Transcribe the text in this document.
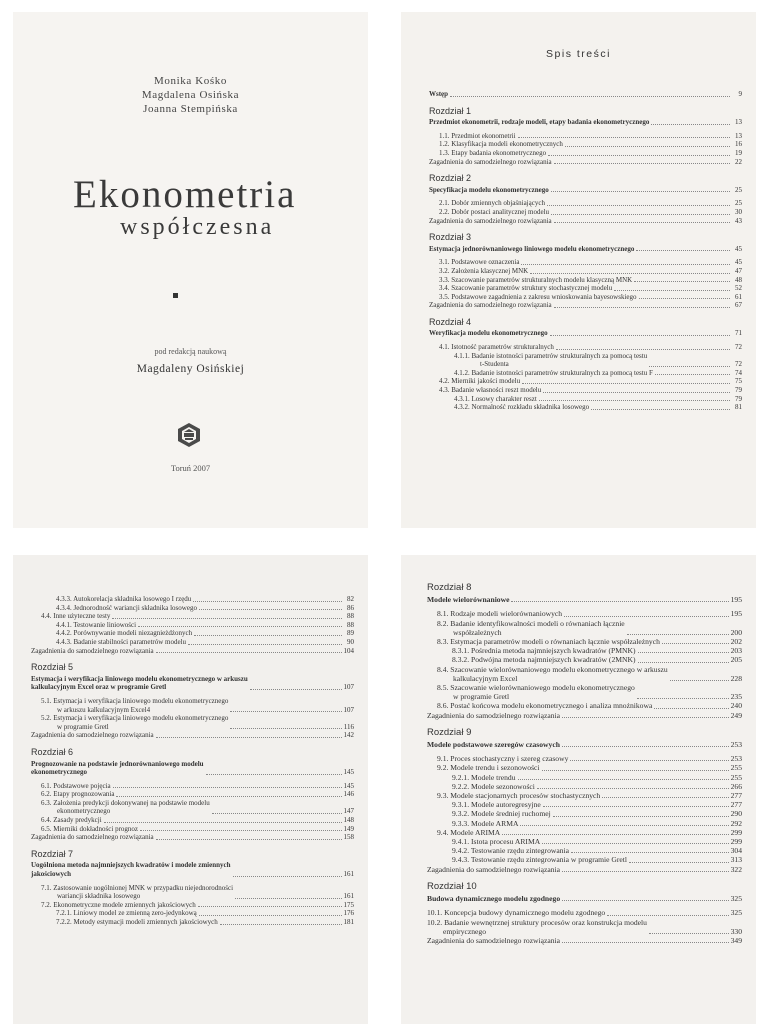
Monika Kośko
Magdalena Osińska
Joanna Stempińska
Ekonometria
współczesna
pod redakcją naukową
Magdaleny Osińskiej
Toruń 2007
Spis treści
Wstęp	9
Rozdział 1
Przedmiot ekonometrii, rodzaje modeli, etapy badania ekonometrycznego	13
1.1. Przedmiot ekonometrii	13
1.2. Klasyfikacja modeli ekonometrycznych	16
1.3. Etapy badania ekonometrycznego	19
Zagadnienia do samodzielnego rozwiązania	22
Rozdział 2
Specyfikacja modelu ekonometrycznego	25
2.1. Dobór zmiennych objaśniających	25
2.2. Dobór postaci analitycznej modelu	30
Zagadnienia do samodzielnego rozwiązania	43
Rozdział 3
Estymacja jednorównaniowego liniowego modelu ekonometrycznego	45
3.1. Podstawowe oznaczenia	45
3.2. Założenia klasycznej MNK	47
3.3. Szacowanie parametrów strukturalnych modelu klasyczną MNK	48
3.4. Szacowanie parametrów struktury stochastycznej modelu	52
3.5. Podstawowe zagadnienia z zakresu wnioskowania bayesowskiego	61
Zagadnienia do samodzielnego rozwiązania	67
Rozdział 4
Weryfikacja modelu ekonometrycznego	71
4.1. Istotność parametrów strukturalnych	72
4.1.1. Badanie istotności parametrów strukturalnych za pomocą testu
t-Studenta	72
4.1.2. Badanie istotności parametrów strukturalnych za pomocą testu F	74
4.2. Mierniki jakości modelu	75
4.3. Badanie własności reszt modelu	79
4.3.1. Losowy charakter reszt	79
4.3.2. Normalność rozkładu składnika losowego	81
4.3.3. Autokorelacja składnika losowego I rzędu	82
4.3.4. Jednorodność wariancji składnika losowego	86
4.4. Inne użyteczne testy	88
4.4.1. Testowanie liniowości	88
4.4.2. Porównywanie modeli niezagnieżdżonych	89
4.4.3. Badanie stabilności parametrów modelu	90
Zagadnienia do samodzielnego rozwiązania	104
Rozdział 5
Estymacja i weryfikacja liniowego modelu ekonometrycznego w arkuszu
kalkulacyjnym Excel oraz w programie Gretl	107
5.1. Estymacja i weryfikacja liniowego modelu ekonometrycznego
w arkuszu kalkulacyjnym Excel4	107
5.2. Estymacja i weryfikacja liniowego modelu ekonometrycznego
w programie Gretl	116
Zagadnienia do samodzielnego rozwiązania	142
Rozdział 6
Prognozowanie na podstawie jednorównaniowego modelu
ekonometrycznego	145
6.1. Podstawowe pojęcia	145
6.2. Etapy prognozowania	146
6.3. Założenia predykcji dokonywanej na podstawie modelu
ekonometrycznego	147
6.4. Zasady predykcji	148
6.5. Mierniki dokładności prognoz	149
Zagadnienia do samodzielnego rozwiązania	158
Rozdział 7
Uogólniona metoda najmniejszych kwadratów i modele zmiennych
jakościowych	161
7.1. Zastosowanie uogólnionej MNK w przypadku niejednorodności
wariancji składnika losowego	161
7.2. Ekonometryczne modele zmiennych jakościowych	175
7.2.1. Liniowy model ze zmienną zero-jedynkową	176
7.2.2. Metody estymacji modeli zmiennych jakościowych	181
Rozdział 8
Modele wielorównaniowe	195
8.1. Rodzaje modeli wielorównaniowych	195
8.2. Badanie identyfikowalności modeli o równaniach łącznie
współzależnych	200
8.3. Estymacja parametrów modeli o równaniach łącznie współzależnych	202
8.3.1. Pośrednia metoda najmniejszych kwadratów (PMNK)	203
8.3.2. Podwójna metoda najmniejszych kwadratów (2MNK)	205
8.4. Szacowanie wielorównaniowego modelu ekonometrycznego w arkuszu
kalkulacyjnym Excel	228
8.5. Szacowanie wielorównaniowego modelu ekonometrycznego
w programie Gretl	235
8.6. Postać końcowa modelu ekonometrycznego i analiza mnożnikowa	240
Zagadnienia do samodzielnego rozwiązania	249
Rozdział 9
Modele podstawowe szeregów czasowych	253
9.1. Proces stochastyczny i szereg czasowy	253
9.2. Modele trendu i sezonowości	255
9.2.1. Modele trendu	255
9.2.2. Modele sezonowości	266
9.3. Modele stacjonarnych procesów stochastycznych	277
9.3.1. Modele autoregresyjne	277
9.3.2. Modele średniej ruchomej	290
9.3.3. Modele ARMA	292
9.4. Modele ARIMA	299
9.4.1. Istota procesu ARIMA	299
9.4.2. Testowanie rzędu zintegrowania	304
9.4.3. Testowanie rzędu zintegrowania w programie Gretl	313
Zagadnienia do samodzielnego rozwiązania	322
Rozdział 10
Budowa dynamicznego modelu zgodnego	325
10.1. Koncepcja budowy dynamicznego modelu zgodnego	325
10.2. Badanie wewnętrznej struktury procesów oraz konstrukcja modelu
empirycznego	330
Zagadnienia do samodzielnego rozwiązania	349
